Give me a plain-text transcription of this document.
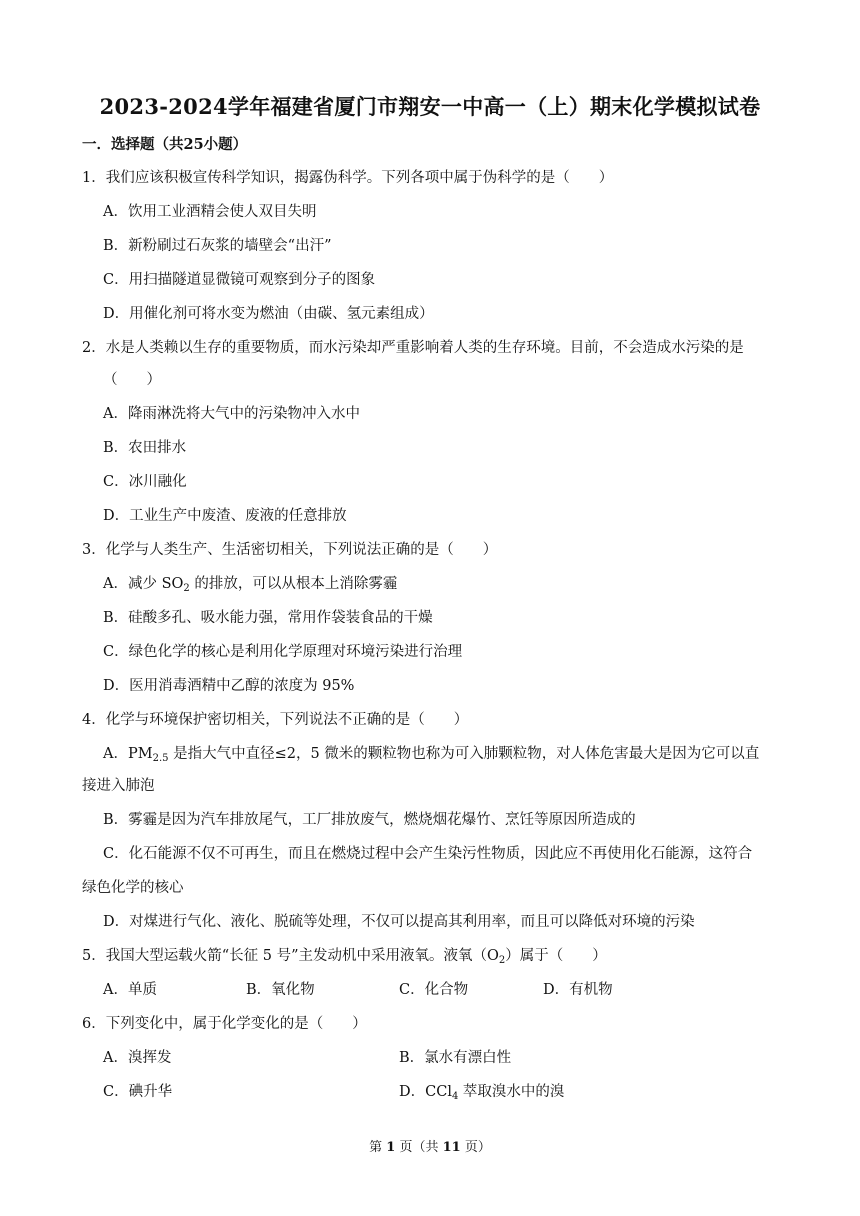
2023-2024学年福建省厦门市翔安一中高一（上）期末化学模拟试卷
一．选择题（共25小题）
1．我们应该积极宣传科学知识，揭露伪科学。下列各项中属于伪科学的是（　　）
A．饮用工业酒精会使人双目失明
B．新粉刷过石灰浆的墙壁会“出汗”
C．用扫描隧道显微镜可观察到分子的图象
D．用催化剂可将水变为燃油（由碳、氢元素组成）
2．水是人类赖以生存的重要物质，而水污染却严重影响着人类的生存环境。目前，不会造成水污染的是
（　　）
A．降雨淋洗将大气中的污染物冲入水中
B．农田排水
C．冰川融化
D．工业生产中废渣、废液的任意排放
3．化学与人类生产、生活密切相关，下列说法正确的是（　　）
A．减少 $SO_2$ 的排放，可以从根本上消除雾霾
B．硅酸多孔、吸水能力强，常用作袋装食品的干燥
C．绿色化学的核心是利用化学原理对环境污染进行治理
D．医用消毒酒精中乙醇的浓度为 95%
4．化学与环境保护密切相关，下列说法不正确的是（　　）
A．$PM_{2.5}$ 是指大气中直径≤2，5 微米的颗粒物也称为可入肺颗粒物，对人体危害最大是因为它可以直
接进入肺泡
B．雾霾是因为汽车排放尾气，工厂排放废气，燃烧烟花爆竹、烹饪等原因所造成的
C．化石能源不仅不可再生，而且在燃烧过程中会产生染污性物质，因此应不再使用化石能源，这符合
绿色化学的核心
D．对煤进行气化、液化、脱硫等处理，不仅可以提高其利用率，而且可以降低对环境的污染
5．我国大型运载火箭“长征 5 号”主发动机中采用液氧。液氧$(O_2)$属于（　　）
A．单质	B．氧化物	C．化合物	D．有机物
6．下列变化中，属于化学变化的是（　　）
A．溴挥发	B．氯水有漂白性
C．碘升华	D．CCl$_4$ 萃取溴水中的溴
第 1 页（共 11 页）
